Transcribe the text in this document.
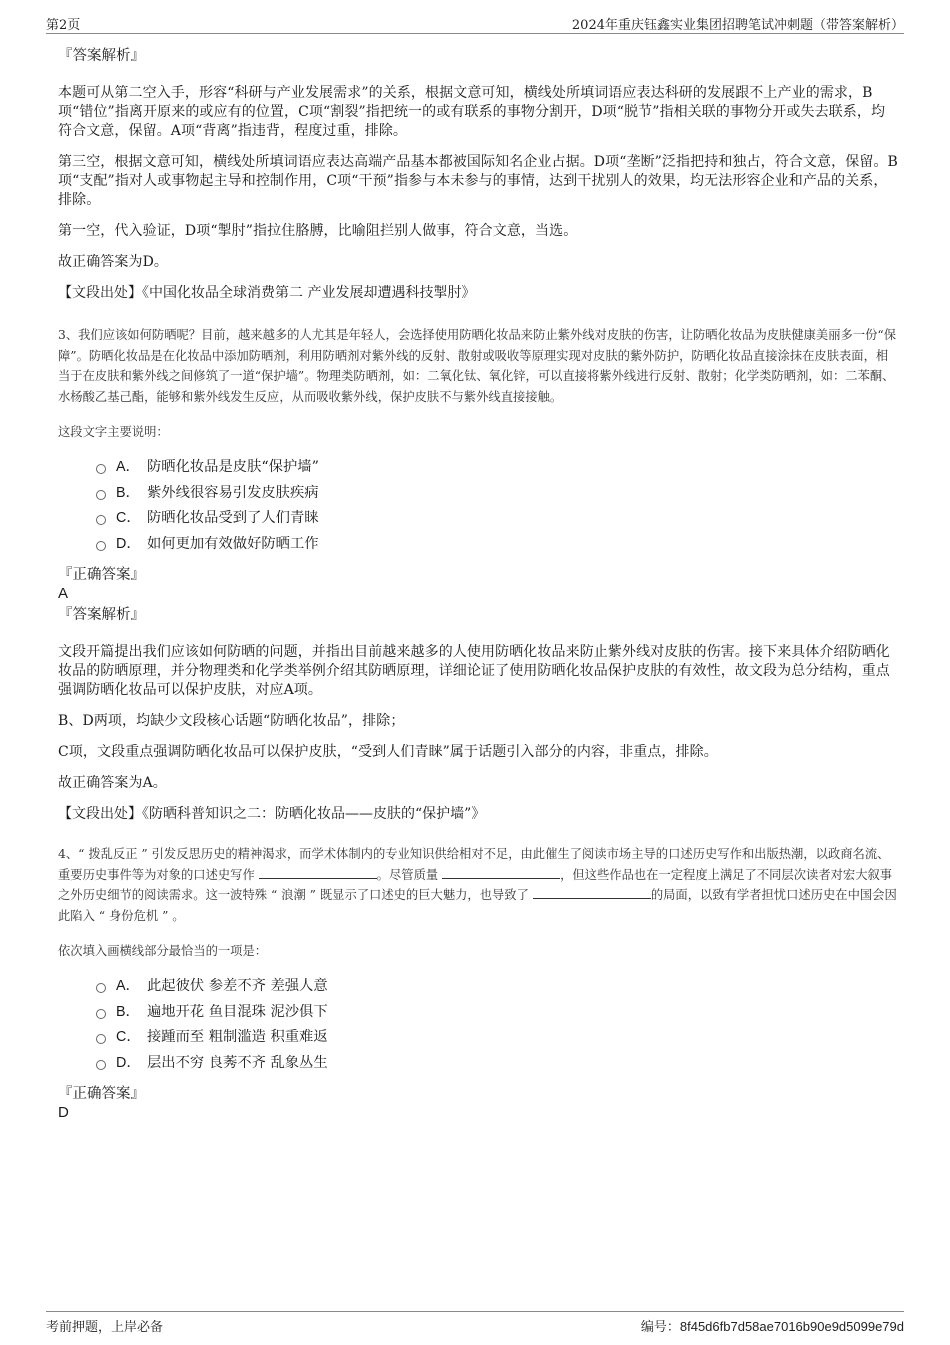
第2页	2024年重庆钰鑫实业集团招聘笔试冲刺题（带答案解析）

『答案解析』

本题可从第二空入手，形容“科研与产业发展需求”的关系，根据文意可知，横线处所填词语应表达科研的发展跟不上产业的需求，B项“错位”指离开原来的或应有的位置，C项“割裂”指把统一的或有联系的事物分割开，D项“脱节”指相关联的事物分开或失去联系，均符合文意，保留。A项“背离”指违背，程度过重，排除。

第三空，根据文意可知，横线处所填词语应表达高端产品基本都被国际知名企业占据。D项“垄断”泛指把持和独占，符合文意，保留。B项“支配”指对人或事物起主导和控制作用，C项“干预”指参与本未参与的事情，达到干扰别人的效果，均无法形容企业和产品的关系，排除。

第一空，代入验证，D项“掣肘”指拉住胳膊，比喻阻拦别人做事，符合文意，当选。

故正确答案为D。

【文段出处】《中国化妆品全球消费第二 产业发展却遭遇科技掣肘》

3、我们应该如何防晒呢？目前，越来越多的人尤其是年轻人，会选择使用防晒化妆品来防止紫外线对皮肤的伤害，让防晒化妆品为皮肤健康美丽多一份“保障”。防晒化妆品是在化妆品中添加防晒剂，利用防晒剂对紫外线的反射、散射或吸收等原理实现对皮肤的紫外防护，防晒化妆品直接涂抹在皮肤表面，相当于在皮肤和紫外线之间修筑了一道“保护墙”。物理类防晒剂，如：二氧化钛、氧化锌，可以直接将紫外线进行反射、散射；化学类防晒剂，如：二苯酮、水杨酸乙基己酯，能够和紫外线发生反应，从而吸收紫外线，保护皮肤不与紫外线直接接触。

这段文字主要说明：

A． 防晒化妆品是皮肤“保护墙”
B． 紫外线很容易引发皮肤疾病
C． 防晒化妆品受到了人们青睐
D． 如何更加有效做好防晒工作

『正确答案』

A

『答案解析』

文段开篇提出我们应该如何防晒的问题，并指出目前越来越多的人使用防晒化妆品来防止紫外线对皮肤的伤害。接下来具体介绍防晒化妆品的防晒原理，并分物理类和化学类举例介绍其防晒原理，详细论证了使用防晒化妆品保护皮肤的有效性，故文段为总分结构，重点强调防晒化妆品可以保护皮肤，对应A项。

B、D两项，均缺少文段核心话题“防晒化妆品”，排除；

C项，文段重点强调防晒化妆品可以保护皮肤，“受到人们青睐”属于话题引入部分的内容，非重点，排除。

故正确答案为A。

【文段出处】《防晒科普知识之二：防晒化妆品——皮肤的“保护墙”》

4、“ 拨乱反正 ” 引发反思历史的精神渴求，而学术体制内的专业知识供给相对不足，由此催生了阅读市场主导的口述历史写作和出版热潮，以政商名流、重要历史事件等为对象的口述史写作	。尽管质量	，但这些作品也在一定程度上满足了不同层次读者对宏大叙事之外历史细节的阅读需求。这一波特殊 “ 浪潮 ” 既显示了口述史的巨大魅力，也导致了	的局面，以致有学者担忧口述历史在中国会因此陷入 “ 身份危机 ” 。

依次填入画横线部分最恰当的一项是：

A． 此起彼伏 参差不齐 差强人意
B． 遍地开花 鱼目混珠 泥沙俱下
C． 接踵而至 粗制滥造 积重难返
D． 层出不穷 良莠不齐 乱象丛生

『正确答案』

D

考前押题，上岸必备	编号：8f45d6fb7d58ae7016b90e9d5099e79d
